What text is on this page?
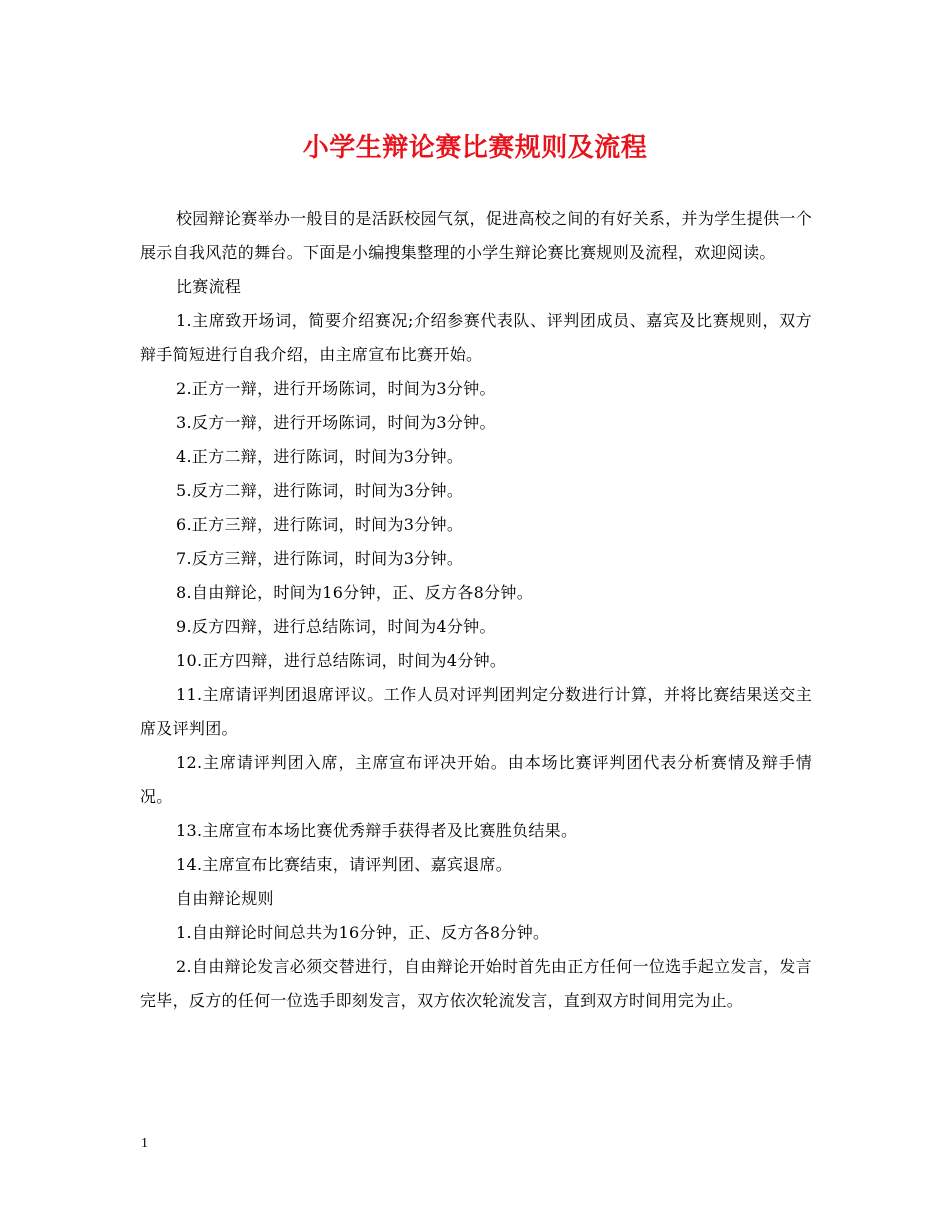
小学生辩论赛比赛规则及流程

校园辩论赛举办一般目的是活跃校园气氛，促进高校之间的有好关系，并为学生提供一个展示自我风范的舞台。下面是小编搜集整理的小学生辩论赛比赛规则及流程，欢迎阅读。

比赛流程

1.主席致开场词，简要介绍赛况;介绍参赛代表队、评判团成员、嘉宾及比赛规则，双方辩手简短进行自我介绍，由主席宣布比赛开始。

2.正方一辩，进行开场陈词，时间为3分钟。

3.反方一辩，进行开场陈词，时间为3分钟。

4.正方二辩，进行陈词，时间为3分钟。

5.反方二辩，进行陈词，时间为3分钟。

6.正方三辩，进行陈词，时间为3分钟。

7.反方三辩，进行陈词，时间为3分钟。

8.自由辩论，时间为16分钟，正、反方各8分钟。

9.反方四辩，进行总结陈词，时间为4分钟。

10.正方四辩，进行总结陈词，时间为4分钟。

11.主席请评判团退席评议。工作人员对评判团判定分数进行计算，并将比赛结果送交主席及评判团。

12.主席请评判团入席，主席宣布评决开始。由本场比赛评判团代表分析赛情及辩手情况。

13.主席宣布本场比赛优秀辩手获得者及比赛胜负结果。

14.主席宣布比赛结束，请评判团、嘉宾退席。

自由辩论规则

1.自由辩论时间总共为16分钟，正、反方各8分钟。

2.自由辩论发言必须交替进行，自由辩论开始时首先由正方任何一位选手起立发言，发言完毕，反方的任何一位选手即刻发言，双方依次轮流发言，直到双方时间用完为止。

1
